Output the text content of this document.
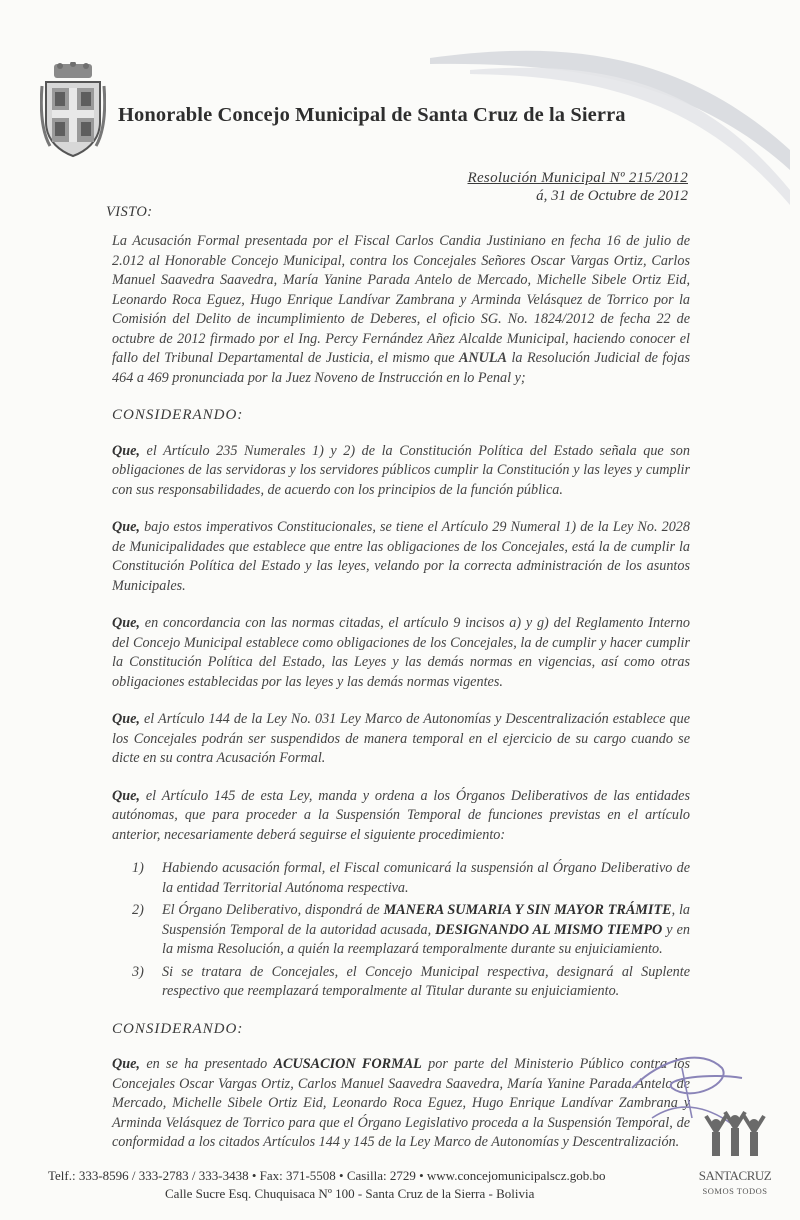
Honorable Concejo Municipal de Santa Cruz de la Sierra
Resolución Municipal Nº 215/2012
á, 31 de Octubre de 2012
VISTO:

La Acusación Formal presentada por el Fiscal Carlos Candia Justiniano en fecha 16 de julio de 2.012 al Honorable Concejo Municipal, contra los Concejales Señores Oscar Vargas Ortiz, Carlos Manuel Saavedra Saavedra, María Yanine Parada Antelo de Mercado, Michelle Sibele Ortiz Eid, Leonardo Roca Eguez, Hugo Enrique Landívar Zambrana y Arminda Velásquez de Torrico por la Comisión del Delito de incumplimiento de Deberes, el oficio SG. No. 1824/2012 de fecha 22 de octubre de 2012 firmado por el Ing. Percy Fernández Añez Alcalde Municipal, haciendo conocer el fallo del Tribunal Departamental de Justicia, el mismo que ANULA la Resolución Judicial de fojas 464 a 469 pronunciada por la Juez Noveno de Instrucción en lo Penal y;

CONSIDERANDO:

Que, el Artículo 235 Numerales 1) y 2) de la Constitución Política del Estado señala que son obligaciones de las servidoras y los servidores públicos cumplir la Constitución y las leyes y cumplir con sus responsabilidades, de acuerdo con los principios de la función pública.

Que, bajo estos imperativos Constitucionales, se tiene el Artículo 29 Numeral 1) de la Ley No. 2028 de Municipalidades que establece que entre las obligaciones de los Concejales, está la de cumplir la Constitución Política del Estado y las leyes, velando por la correcta administración de los asuntos Municipales.

Que, en concordancia con las normas citadas, el artículo 9 incisos a) y g) del Reglamento Interno del Concejo Municipal establece como obligaciones de los Concejales, la de cumplir y hacer cumplir la Constitución Política del Estado, las Leyes y las demás normas en vigencias, así como otras obligaciones establecidas por las leyes y las demás normas vigentes.

Que, el Artículo 144 de la Ley No. 031 Ley Marco de Autonomías y Descentralización establece que los Concejales podrán ser suspendidos de manera temporal en el ejercicio de su cargo cuando se dicte en su contra Acusación Formal.

Que, el Artículo 145 de esta Ley, manda y ordena a los Órganos Deliberativos de las entidades autónomas, que para proceder a la Suspensión Temporal de funciones previstas en el artículo anterior, necesariamente deberá seguirse el siguiente procedimiento:

1) Habiendo acusación formal, el Fiscal comunicará la suspensión al Órgano Deliberativo de la entidad Territorial Autónoma respectiva.
2) El Órgano Deliberativo, dispondrá de MANERA SUMARIA Y SIN MAYOR TRÁMITE, la Suspensión Temporal de la autoridad acusada, DESIGNANDO AL MISMO TIEMPO y en la misma Resolución, a quién la reemplazará temporalmente durante su enjuiciamiento.
3) Si se tratara de Concejales, el Concejo Municipal respectiva, designará al Suplente respectivo que reemplazará temporalmente al Titular durante su enjuiciamiento.
CONSIDERANDO:

Que, en se ha presentado ACUSACION FORMAL por parte del Ministerio Público contra los Concejales Oscar Vargas Ortiz, Carlos Manuel Saavedra Saavedra, María Yanine Parada Antelo de Mercado, Michelle Sibele Ortiz Eid, Leonardo Roca Eguez, Hugo Enrique Landívar Zambrana y Arminda Velásquez de Torrico para que el Órgano Legislativo proceda a la Suspensión Temporal, de conformidad a los citados Artículos 144 y 145 de la Ley Marco de Autonomías y Descentralización.

SANTACRUZ
SOMOS TODOS
Telf.: 333-8596 / 333-2783 / 333-3438 • Fax: 371-5508 • Casilla: 2729 • www.concejomunicipalscz.gob.bo
Calle Sucre Esq. Chuquisaca Nº 100 - Santa Cruz de la Sierra - Bolivia
